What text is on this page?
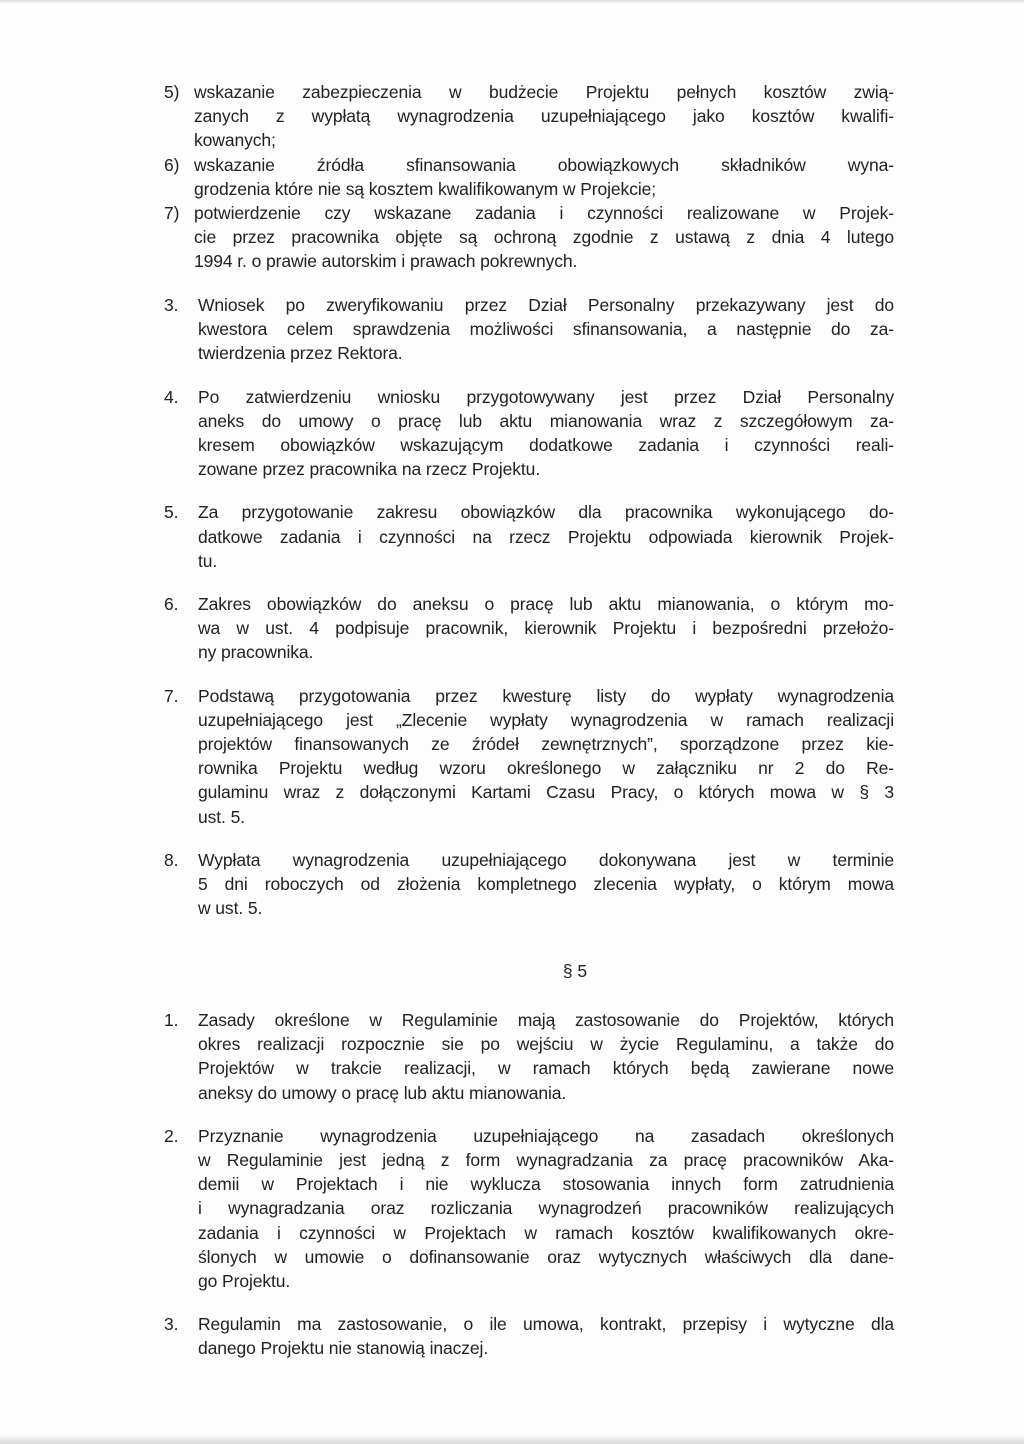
5) wskazanie zabezpieczenia w budżecie Projektu pełnych kosztów zwią-
zanych z wypłatą wynagrodzenia uzupełniającego jako kosztów kwalifi-
kowanych;
6) wskazanie źródła sfinansowania obowiązkowych składników wyna-
grodzenia które nie są kosztem kwalifikowanym w Projekcie;
7) potwierdzenie czy wskazane zadania i czynności realizowane w Projek-
cie przez pracownika objęte są ochroną zgodnie z ustawą z dnia 4 lutego
1994 r. o prawie autorskim i prawach pokrewnych.
3.	Wniosek po zweryfikowaniu przez Dział Personalny przekazywany jest do
kwestora celem sprawdzenia możliwości sfinansowania, a następnie do za-
twierdzenia przez Rektora.
4.	Po zatwierdzeniu wniosku przygotowywany jest przez Dział Personalny
aneks do umowy o pracę lub aktu mianowania wraz z szczegółowym za-
kresem obowiązków wskazującym dodatkowe zadania i czynności reali-
zowane przez pracownika na rzecz Projektu.
5.	Za przygotowanie zakresu obowiązków dla pracownika wykonującego do-
datkowe zadania i czynności na rzecz Projektu odpowiada kierownik Projek-
tu.
6.	Zakres obowiązków do aneksu o pracę lub aktu mianowania, o którym mo-
wa w ust. 4 podpisuje pracownik, kierownik Projektu i bezpośredni przełożo-
ny pracownika.
7.	Podstawą przygotowania przez kwesturę listy do wypłaty wynagrodzenia
uzupełniającego jest „Zlecenie wypłaty wynagrodzenia w ramach realizacji
projektów finansowanych ze źródeł zewnętrznych”, sporządzone przez kie-
rownika Projektu według wzoru określonego w załączniku nr 2 do Re-
gulaminu wraz z dołączonymi Kartami Czasu Pracy, o których mowa w § 3
ust. 5.
8.	Wypłata wynagrodzenia uzupełniającego dokonywana jest w terminie
5 dni roboczych od złożenia kompletnego zlecenia wypłaty, o którym mowa
w ust. 5.
§ 5
1.	Zasady określone w Regulaminie mają zastosowanie do Projektów, których
okres realizacji rozpocznie sie po wejściu w życie Regulaminu, a także do
Projektów w trakcie realizacji, w ramach których będą zawierane nowe
aneksy do umowy o pracę lub aktu mianowania.
2.	Przyznanie wynagrodzenia uzupełniającego na zasadach określonych
w Regulaminie jest jedną z form wynagradzania za pracę pracowników Aka-
demii w Projektach i nie wyklucza stosowania innych form zatrudnienia
i wynagradzania oraz rozliczania wynagrodzeń pracowników realizujących
zadania i czynności w Projektach w ramach kosztów kwalifikowanych okre-
ślonych w umowie o dofinansowanie oraz wytycznych właściwych dla dane-
go Projektu.
3.	Regulamin ma zastosowanie, o ile umowa, kontrakt, przepisy i wytyczne dla
danego Projektu nie stanowią inaczej.
